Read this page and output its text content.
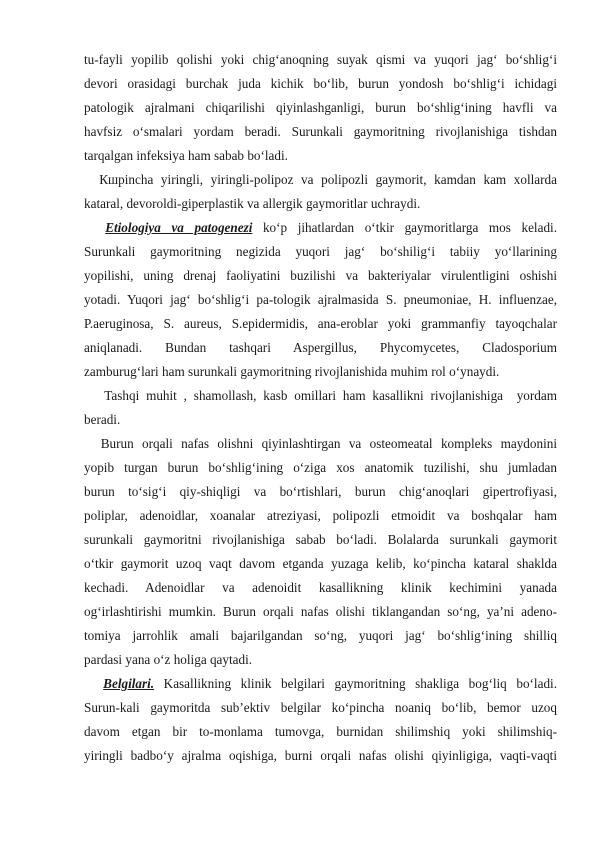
tu-fayli yopilib qolishi yoki chig‘anoqning suyak qismi va yuqori jag‘ bo‘shlig‘i
devori orasidagi burchak juda kichik bo‘lib, burun yondosh bo‘shlig‘i ichidagi
patologik ajralmani chiqarilishi qiyinlashganligi, burun bo‘shlig‘ining havfli va
havfsiz o‘smalari yordam beradi. Surunkali gaymoritning rivojlanishiga tishdan
tarqalgan infeksiya ham sabab bo‘ladi.
Кшpincha yiringli, yiringli-polipoz va polipozli gaymorit, kamdan kam xollarda
kataral, devoroldi-giperplastik va allergik gaymoritlar uchraydi.
Etiologiya va patogenezi ko‘p jihatlardan o‘tkir gaymoritlarga mos keladi.
Surunkali gaymoritning negizida yuqori jag‘ bo‘shilig‘i tabiiy yo‘llarining
yopilishi, uning drenaj faoliyatini buzilishi va bakteriyalar virulentligini oshishi
yotadi. Yuqori jag‘ bo‘shlig‘i pa-tologik ajralmasida S. pneumoniae, H. influenzae,
P.aeruginosa, S. aureus, S.epidermidis, ana-eroblar yoki grammanfiy tayoqchalar
aniqlanadi. Bundan tashqari Aspergillus, Phycomycetes, Cladosporium
zamburug‘lari ham surunkali gaymoritning rivojlanishida muhim rol o‘ynaydi.
Tashqi muhit , shamollash, kasb omillari ham kasallikni rivojlanishiga  yordam
beradi.
Burun orqali nafas olishni qiyinlashtirgan va osteomeatal kompleks maydonini
yopib turgan burun bo‘shlig‘ining o‘ziga xos anatomik tuzilishi, shu jumladan
burun to‘sig‘i qiy-shiqligi va bo‘rtishlari, burun chig‘anoqlari gipertrofiyasi,
poliplar, adenoidlar, xoanalar atreziyasi, polipozli etmoidit va boshqalar ham
surunkali gaymoritni rivojlanishiga sabab bo‘ladi. Bolalarda surunkali gaymorit
o‘tkir gaymorit uzoq vaqt davom etganda yuzaga kelib, ko‘pincha kataral shaklda
kechadi. Adenoidlar va adenoidit kasallikning klinik kechimini yanada
og‘irlashtirishi mumkin. Burun orqali nafas olishi tiklangandan so‘ng, ya’ni adeno-
tomiya jarrohlik amali bajarilgandan so‘ng, yuqori jag‘ bo‘shlig‘ining shilliq
pardasi yana o‘z holiga qaytadi.
Belgilari. Kasallikning klinik belgilari gaymoritning shakliga bog‘liq bo‘ladi.
Surun-kali gaymoritda sub’ektiv belgilar ko‘pincha noaniq bo‘lib, bemor uzoq
davom etgan bir to-monlama tumovga, burnidan shilimshiq yoki shilimshiq-
yiringli badbo‘y ajralma oqishiga, burni orqali nafas olishi qiyinligiga, vaqti-vaqti
